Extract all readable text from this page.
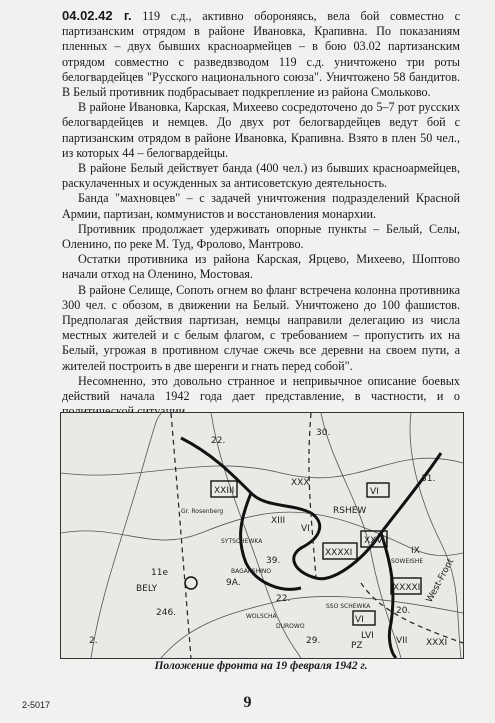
04.02.42 г. 119 с.д., активно обороняясь, вела бой совместно с партизанским отрядом в районе Ивановка, Крапивна. По показаниям пленных – двух бывших красноармейцев – в бою 03.02 партизанским отрядом совместно с разведвзводом 119 с.д. уничтожено три роты белогвардейцев "Русского национального союза". Уничтожено 58 бандитов. В Белый противник подбрасывает подкрепление из района Смольково.

В районе Ивановка, Карская, Михеево сосредоточено до 5–7 рот русских белогвардейцев и немцев. До двух рот белогвардейцев ведут бой с партизанским отрядом в районе Ивановка, Крапивна. Взято в плен 50 чел., из которых 44 – белогвардейцы.

В районе Белый действует банда (400 чел.) из бывших красноармейцев, раскулаченных и осужденных за антисоветскую деятельность.

Банда "махновцев" – с задачей уничтожения подразделений Красной Армии, партизан, коммунистов и восстановления монархии.

Противник продолжает удерживать опорные пункты – Белый, Селы, Оленино, по реке М. Туд, Фролово, Мантрово.

Остатки противника из района Карская, Ярцево, Михеево, Шоптово начали отход на Оленино, Мостовая.

В районе Селище, Сопоть огнем во фланг встречена колонна противника 300 чел. с обозом, в движении на Белый. Уничтожено до 100 фашистов. Предполагая действия партизан, немцы направили делегацию из числа местных жителей и с белым флагом, с требованием – пропустить их на Белый, угрожая в противном случае сжечь все деревни на своем пути, а жителей построить в две шеренги и гнать перед собой".

Несомненно, это довольно странное и непривычное описание боевых действий начала 1942 года дает представление, в частности, и о

22.
30.
XXIII
XXX
VI
31.
RSHEW
XXVII
XXXXI
XXXXI
VI
IX
20.
West-Front
XXXI
39.
22.
29.
VI
9A.
11e
BELY
246.
PZ
2.	VII
XIII
LVI
Gr. Rosenberg
SYTSCHEWKA
WOLSCHA
BAGAKSHINO
SSO SCHEWKA
DUROWO
SOWEISHE
Положение фронта на 19 февраля 1942 г.
2-5017	9
